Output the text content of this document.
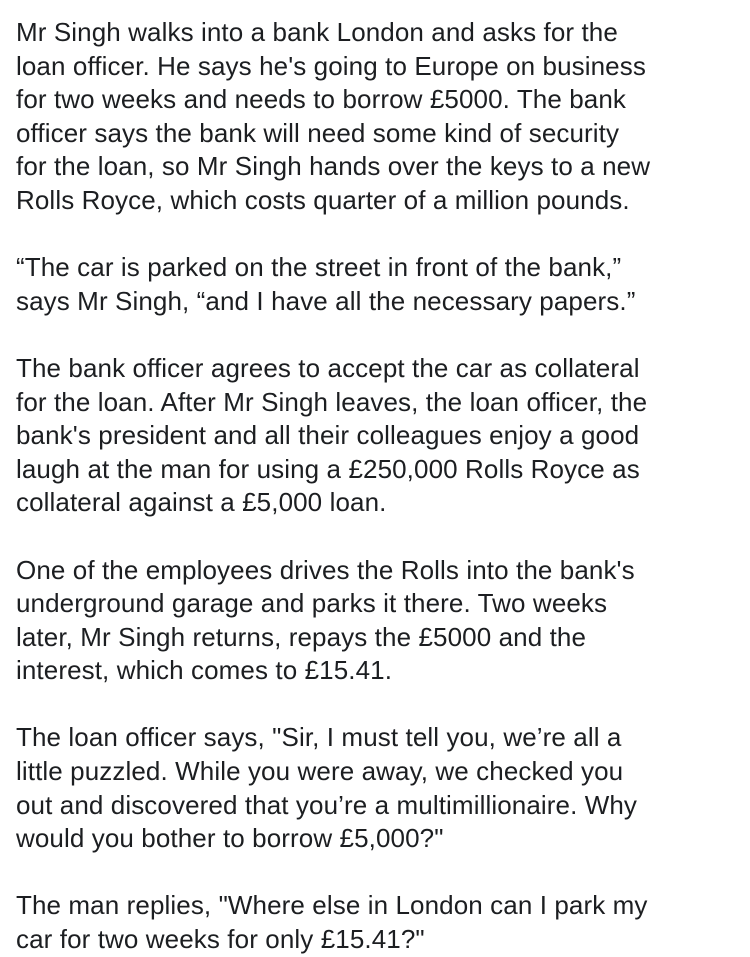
Mr Singh walks into a bank London and asks for the
loan officer. He says he's going to Europe on business
for two weeks and needs to borrow £5000. The bank
officer says the bank will need some kind of security
for the loan, so Mr Singh hands over the keys to a new
Rolls Royce, which costs quarter of a million pounds.

“The car is parked on the street in front of the bank,”
says Mr Singh, “and I have all the necessary papers.”

The bank officer agrees to accept the car as collateral
for the loan. After Mr Singh leaves, the loan officer, the
bank's president and all their colleagues enjoy a good
laugh at the man for using a £250,000 Rolls Royce as
collateral against a £5,000 loan.

One of the employees drives the Rolls into the bank's
underground garage and parks it there. Two weeks
later, Mr Singh returns, repays the £5000 and the
interest, which comes to £15.41.

The loan officer says, "Sir, I must tell you, we’re all a
little puzzled. While you were away, we checked you
out and discovered that you’re a multimillionaire. Why
would you bother to borrow £5,000?"

The man replies, "Where else in London can I park my
car for two weeks for only £15.41?"
